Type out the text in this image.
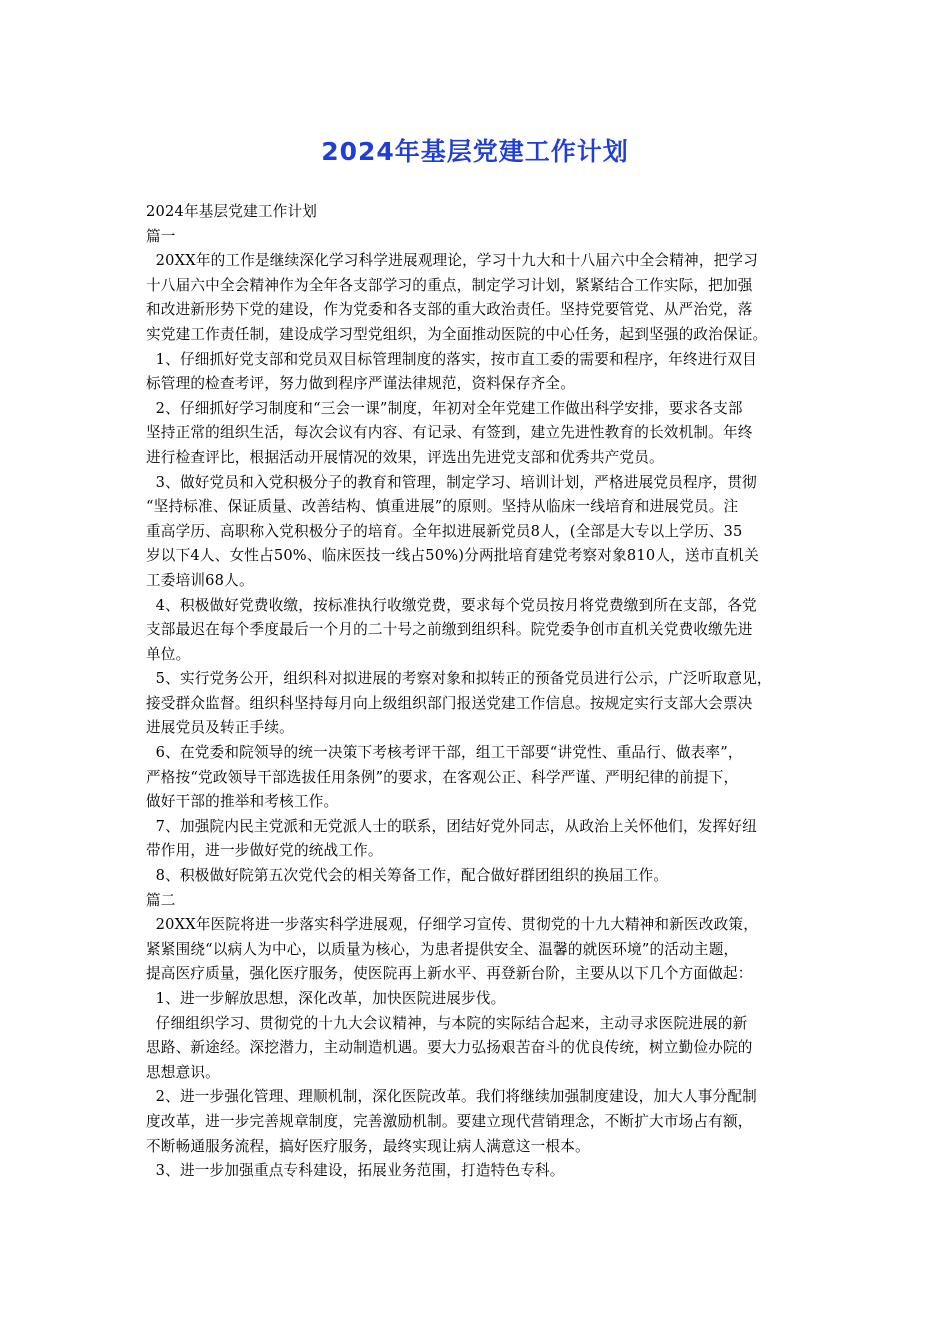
2024年基层党建工作计划
2024年基层党建工作计划
篇一
20XX年的工作是继续深化学习科学进展观理论，学习十九大和十八届六中全会精神，把学习
十八届六中全会精神作为全年各支部学习的重点，制定学习计划，紧紧结合工作实际，把加强
和改进新形势下党的建设，作为党委和各支部的重大政治责任。坚持党要管党、从严治党，落
实党建工作责任制，建设成学习型党组织，为全面推动医院的中心任务，起到坚强的政治保证。
1、仔细抓好党支部和党员双目标管理制度的落实，按市直工委的需要和程序，年终进行双目
标管理的检查考评，努力做到程序严谨法律规范，资料保存齐全。
2、仔细抓好学习制度和“三会一课”制度，年初对全年党建工作做出科学安排，要求各支部
坚持正常的组织生活，每次会议有内容、有记录、有签到，建立先进性教育的长效机制。年终
进行检查评比，根据活动开展情况的效果，评选出先进党支部和优秀共产党员。
3、做好党员和入党积极分子的教育和管理，制定学习、培训计划，严格进展党员程序，贯彻
“坚持标准、保证质量、改善结构、慎重进展”的原则。坚持从临床一线培育和进展党员。注
重高学历、高职称入党积极分子的培育。全年拟进展新党员8人，(全部是大专以上学历、35
岁以下4人、女性占50%、临床医技一线占50%)分两批培育建党考察对象810人，送市直机关
工委培训68人。
4、积极做好党费收缴，按标准执行收缴党费，要求每个党员按月将党费缴到所在支部，各党
支部最迟在每个季度最后一个月的二十号之前缴到组织科。院党委争创市直机关党费收缴先进
单位。
5、实行党务公开，组织科对拟进展的考察对象和拟转正的预备党员进行公示，广泛听取意见，
接受群众监督。组织科坚持每月向上级组织部门报送党建工作信息。按规定实行支部大会票决
进展党员及转正手续。
6、在党委和院领导的统一决策下考核考评干部，组工干部要“讲党性、重品行、做表率”，
严格按“党政领导干部选拔任用条例”的要求，在客观公正、科学严谨、严明纪律的前提下，
做好干部的推举和考核工作。
7、加强院内民主党派和无党派人士的联系，团结好党外同志，从政治上关怀他们，发挥好纽
带作用，进一步做好党的统战工作。
8、积极做好院第五次党代会的相关筹备工作，配合做好群团组织的换届工作。
篇二
20XX年医院将进一步落实科学进展观，仔细学习宣传、贯彻党的十九大精神和新医改政策，
紧紧围绕“以病人为中心，以质量为核心，为患者提供安全、温馨的就医环境”的活动主题，
提高医疗质量，强化医疗服务，使医院再上新水平、再登新台阶，主要从以下几个方面做起：
1、进一步解放思想，深化改革，加快医院进展步伐。
仔细组织学习、贯彻党的十九大会议精神，与本院的实际结合起来，主动寻求医院进展的新
思路、新途经。深挖潜力，主动制造机遇。要大力弘扬艰苦奋斗的优良传统，树立勤俭办院的
思想意识。
2、进一步强化管理、理顺机制，深化医院改革。我们将继续加强制度建设，加大人事分配制
度改革，进一步完善规章制度，完善激励机制。要建立现代营销理念，不断扩大市场占有额，
不断畅通服务流程，搞好医疗服务，最终实现让病人满意这一根本。
3、进一步加强重点专科建设，拓展业务范围，打造特色专科。
